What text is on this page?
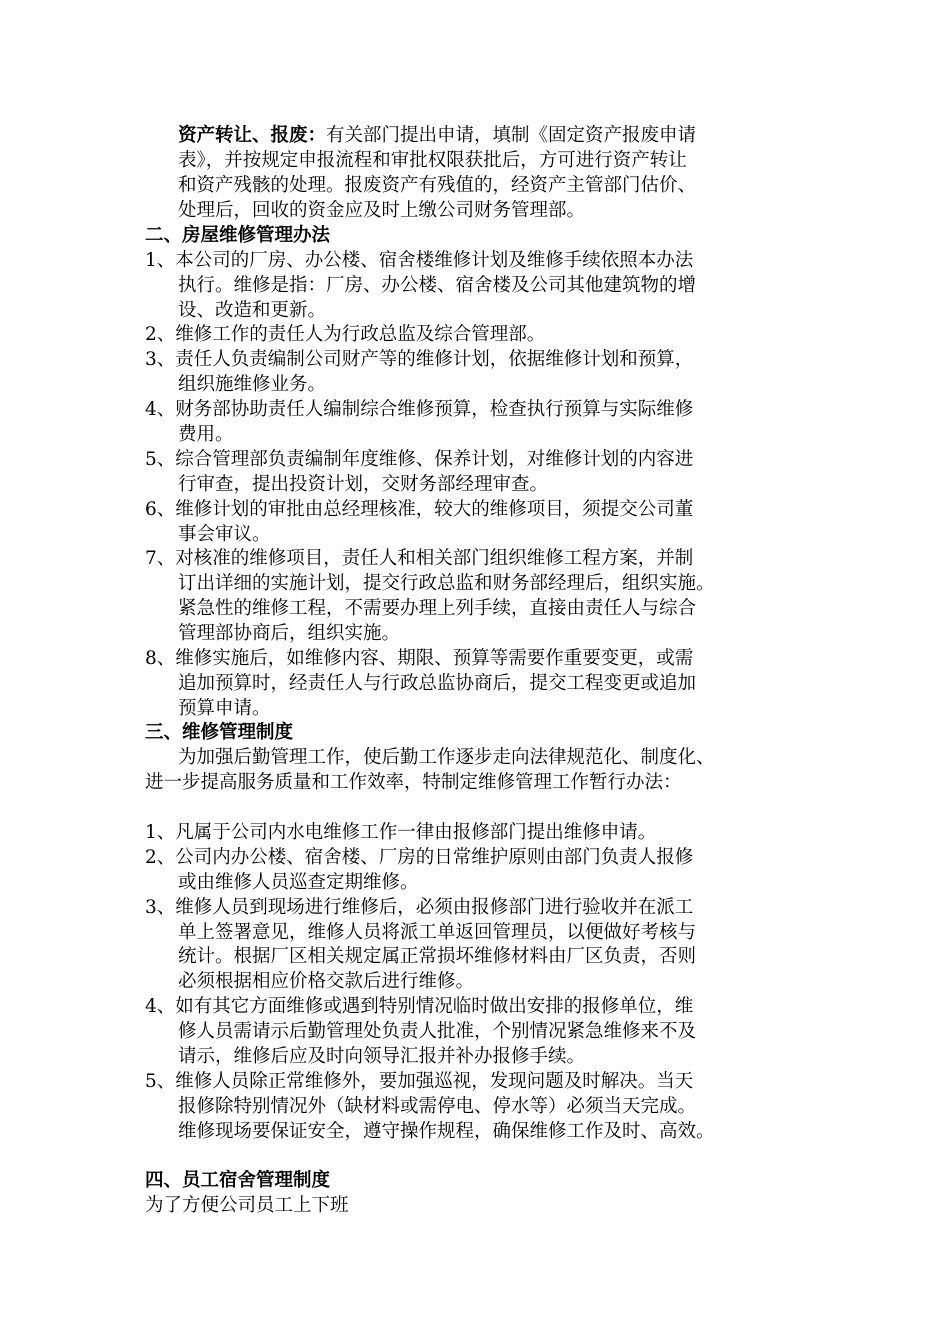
资产转让、报废：有关部门提出申请，填制《固定资产报废申请
表》，并按规定申报流程和审批权限获批后，方可进行资产转让
和资产残骸的处理。报废资产有残值的，经资产主管部门估价、
处理后，回收的资金应及时上缴公司财务管理部。
二、房屋维修管理办法
1、本公司的厂房、办公楼、宿舍楼维修计划及维修手续依照本办法
执行。维修是指：厂房、办公楼、宿舍楼及公司其他建筑物的增
设、改造和更新。
2、维修工作的责任人为行政总监及综合管理部。
3、责任人负责编制公司财产等的维修计划，依据维修计划和预算，
组织施维修业务。
4、财务部协助责任人编制综合维修预算，检查执行预算与实际维修
费用。
5、综合管理部负责编制年度维修、保养计划，对维修计划的内容进
行审查，提出投资计划，交财务部经理审查。
6、维修计划的审批由总经理核准，较大的维修项目，须提交公司董
事会审议。
7、对核准的维修项目，责任人和相关部门组织维修工程方案，并制
订出详细的实施计划，提交行政总监和财务部经理后，组织实施。
紧急性的维修工程，不需要办理上列手续，直接由责任人与综合
管理部协商后，组织实施。
8、维修实施后，如维修内容、期限、预算等需要作重要变更，或需
追加预算时，经责任人与行政总监协商后，提交工程变更或追加
预算申请。
三、维修管理制度
为加强后勤管理工作，使后勤工作逐步走向法律规范化、制度化、
进一步提高服务质量和工作效率，特制定维修管理工作暂行办法：
1、凡属于公司内水电维修工作一律由报修部门提出维修申请。
2、公司内办公楼、宿舍楼、厂房的日常维护原则由部门负责人报修
或由维修人员巡查定期维修。
3、维修人员到现场进行维修后，必须由报修部门进行验收并在派工
单上签署意见，维修人员将派工单返回管理员，以便做好考核与
统计。根据厂区相关规定属正常损坏维修材料由厂区负责，否则
必须根据相应价格交款后进行维修。
4、如有其它方面维修或遇到特别情况临时做出安排的报修单位，维
修人员需请示后勤管理处负责人批准，个别情况紧急维修来不及
请示，维修后应及时向领导汇报并补办报修手续。
5、维修人员除正常维修外，要加强巡视，发现问题及时解决。当天
报修除特别情况外（缺材料或需停电、停水等）必须当天完成。
维修现场要保证安全，遵守操作规程，确保维修工作及时、高效。
四、员工宿舍管理制度
为了方便公司员工上下班
